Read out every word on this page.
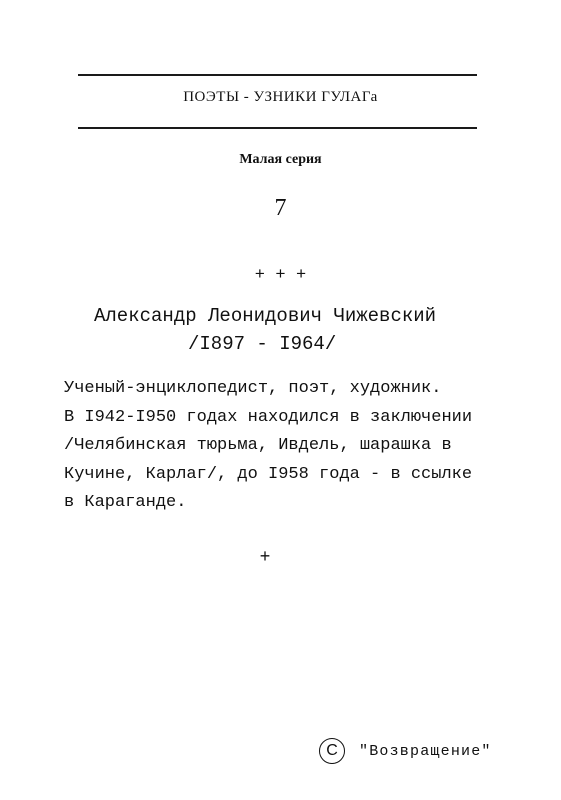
ПОЭТЫ - УЗНИКИ ГУЛАГа
Малая серия
7
+ + +
Александр Леонидович Чижевский
/I897 - I964/
Ученый-энциклопедист, поэт, художник.
В I942-I950 годах находился в заключении
/Челябинская тюрьма, Ивдель, шарашка в
Кучине, Карлаг/, до I958 года - в ссылке
в Караганде.
+
C	"Возвращение"
